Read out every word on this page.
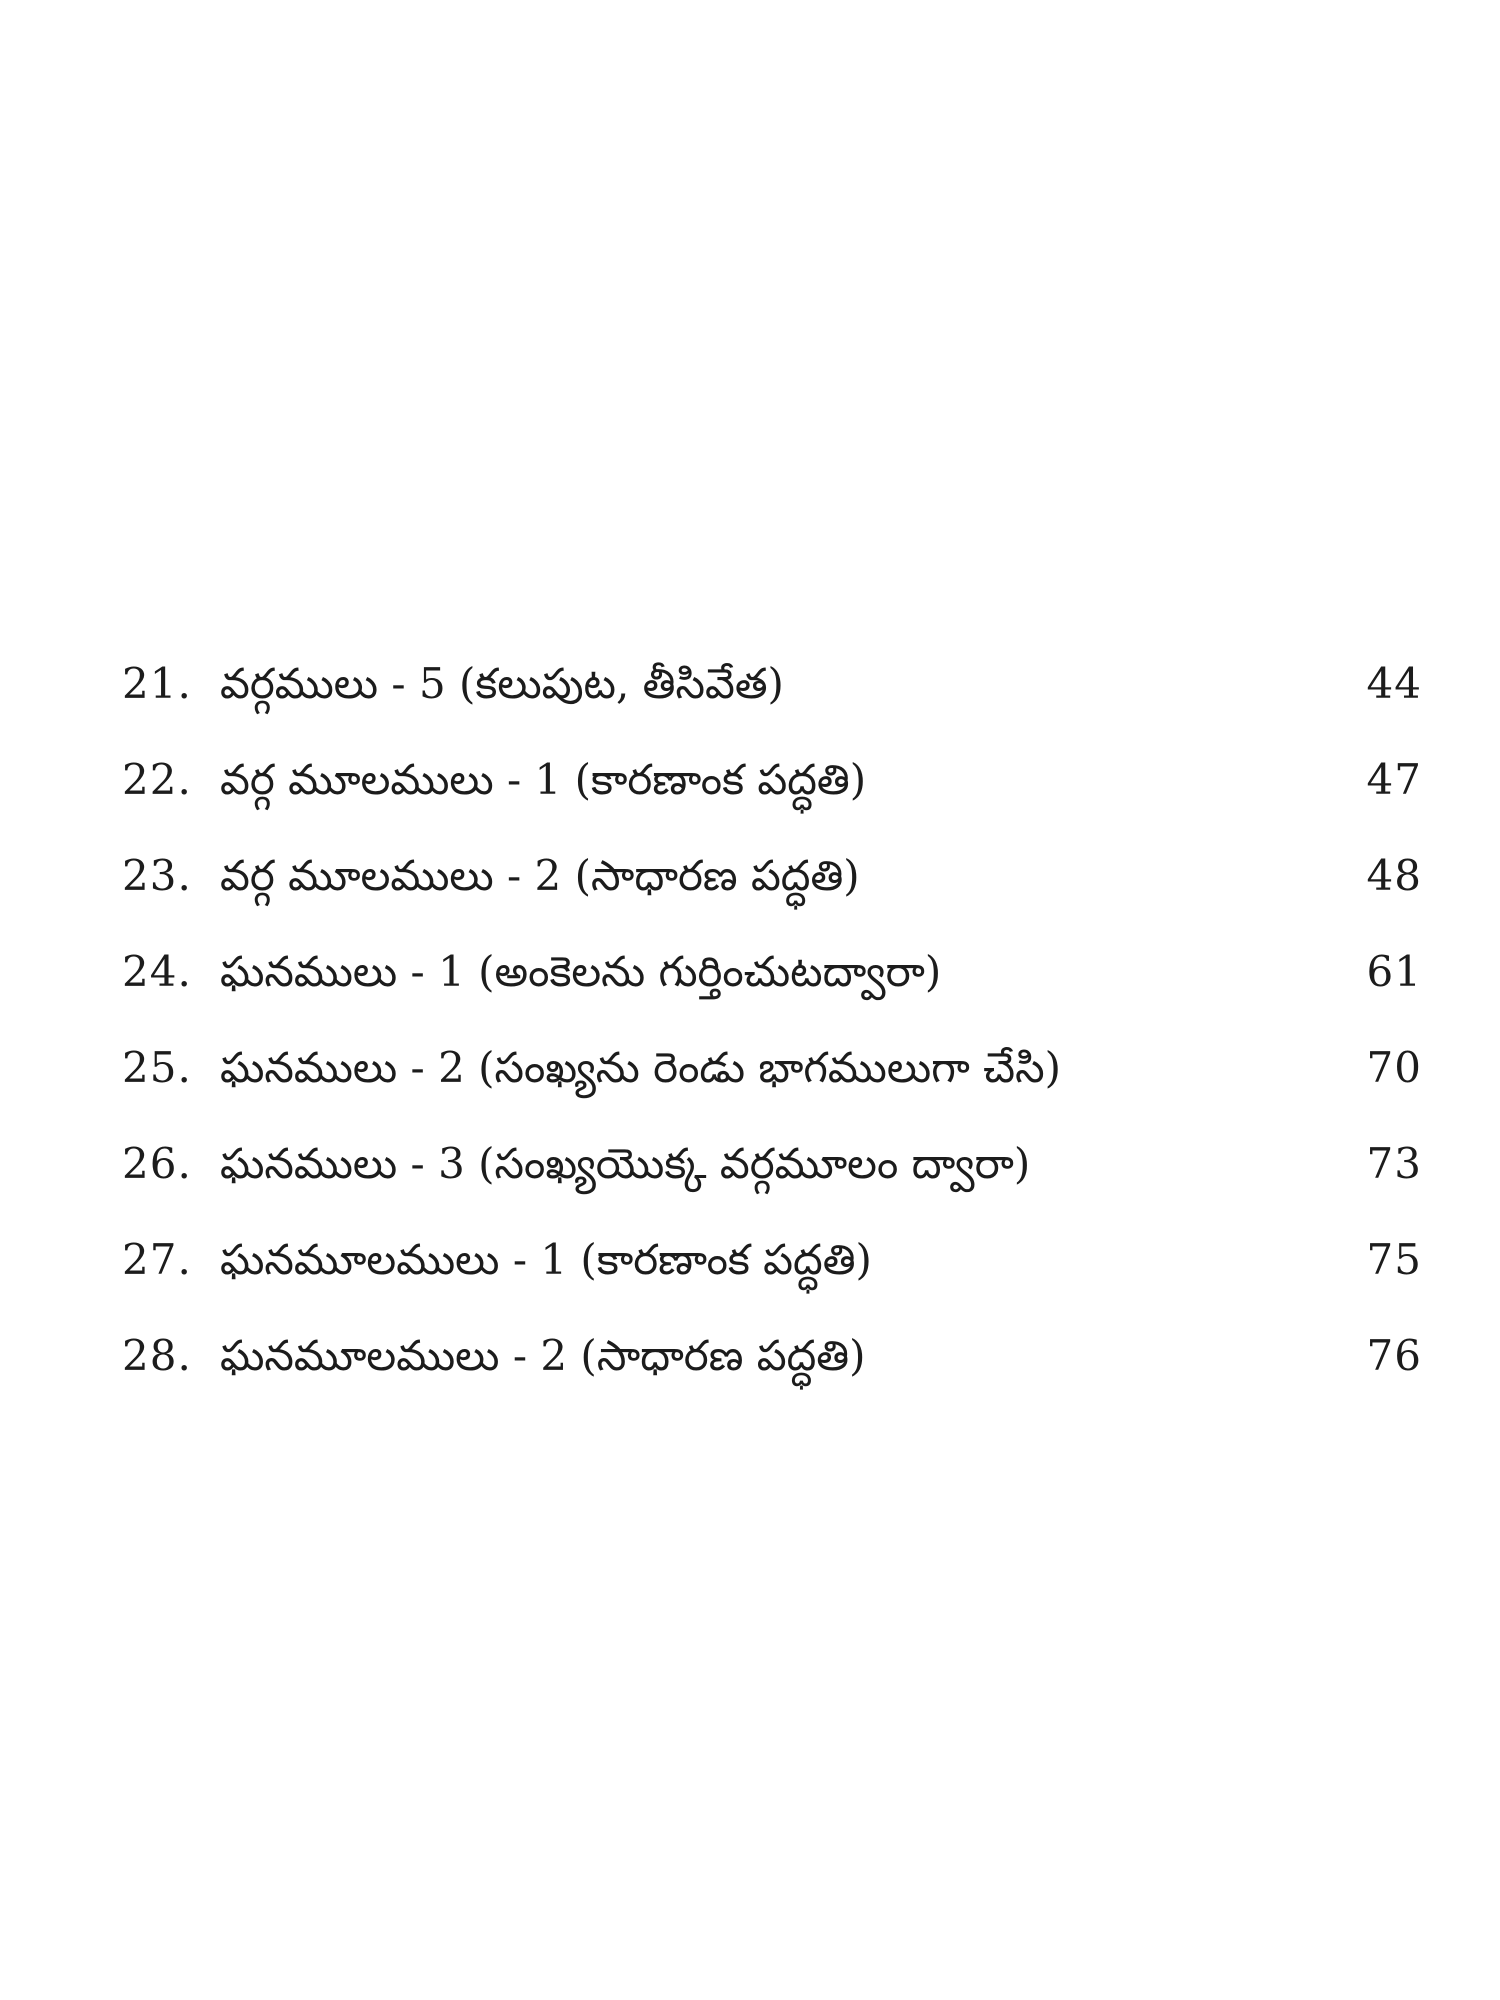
21. వర్గములు - 5 (కలుపుట, తీసివేత)	44
22. వర్గ మూలములు - 1 (కారణాంక పద్ధతి)	47
23. వర్గ మూలములు - 2 (సాధారణ పద్ధతి)	48
24. ఘనములు - 1 (అంకెలను గుర్తించుటద్వారా)	61
25. ఘనములు - 2 (సంఖ్యను రెండు భాగములుగా చేసి)	70
26. ఘనములు - 3 (సంఖ్యయొక్క వర్గమూలం ద్వారా)	73
27. ఘనమూలములు - 1 (కారణాంక పద్ధతి)	75
28. ఘనమూలములు - 2 (సాధారణ పద్ధతి)	76
